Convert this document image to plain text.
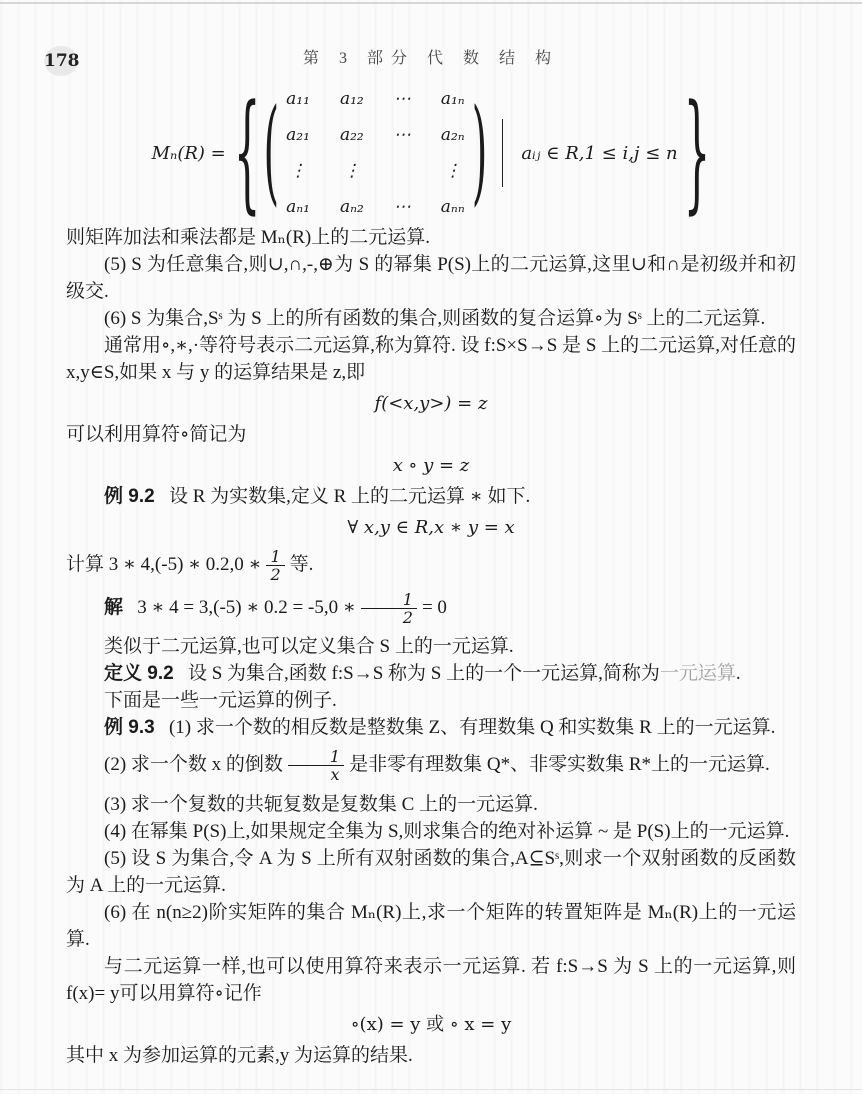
178	第 3 部分 代 数 结 构
Mₙ(R) = { ( a₁₁ a₁₂ ⋯ a₁ₙ
a₂₁ a₂₂ ⋯ a₂ₙ
⋮ ⋮	⋮
aₙ₁ aₙ₂ ⋯ aₙₙ ) aᵢⱼ ∈ R,1 ≤ i,j ≤ n }

则矩阵加法和乘法都是 Mₙ(R)上的二元运算.

(5) S 为任意集合,则∪,∩,-,⊕为 S 的幂集 P(S)上的二元运算,这里∪和∩是初级并和初级交.

(6) S 为集合,Sˢ 为 S 上的所有函数的集合,则函数的复合运算∘为 Sˢ 上的二元运算.

通常用∘,∗,·等符号表示二元运算,称为算符. 设 f:S×S→S 是 S 上的二元运算,对任意的 x,y∈S,如果 x 与 y 的运算结果是 z,即

f(<x,y>) = z

可以利用算符∘简记为

x ∘ y = z

例 9.2 设 R 为实数集,定义 R 上的二元运算 ∗ 如下.

∀ x,y ∈ R,x ∗ y = x

计算 3 ∗ 4,(-5) ∗ 0.2,0 ∗ $\frac{1}{2}$ 等.

解 3 ∗ 4 = 3,(-5) ∗ 0.2 = -5,0 ∗ $\frac{1}{2} = 0$

类似于二元运算,也可以定义集合 S 上的一元运算.

定义 9.2 设 S 为集合,函数 f:S→S 称为 S 上的一个一元运算,简称为一元运算.

下面是一些一元运算的例子.

例 9.3 (1) 求一个数的相反数是整数集 Z、有理数集 Q 和实数集 R 上的一元运算.

(2) 求一个数 x 的倒数 $\frac{1}{x}$ 是非零有理数集 Q*、非零实数集 R*上的一元运算.

(3) 求一个复数的共轭复数是复数集 C 上的一元运算.

(4) 在幂集 P(S)上,如果规定全集为 S,则求集合的绝对补运算 ~ 是 P(S)上的一元运算.

(5) 设 S 为集合,令 A 为 S 上所有双射函数的集合,A⊆Sˢ,则求一个双射函数的反函数为 A 上的一元运算.

(6) 在 n(n≥2)阶实矩阵的集合 Mₙ(R)上,求一个矩阵的转置矩阵是 Mₙ(R)上的一元运算.

与二元运算一样,也可以使用算符来表示一元运算. 若 f:S→S 为 S 上的一元运算,则 f(x)= y可以用算符∘记作

∘(x) = y 或 ∘ x = y

其中 x 为参加运算的元素,y 为运算的结果.
